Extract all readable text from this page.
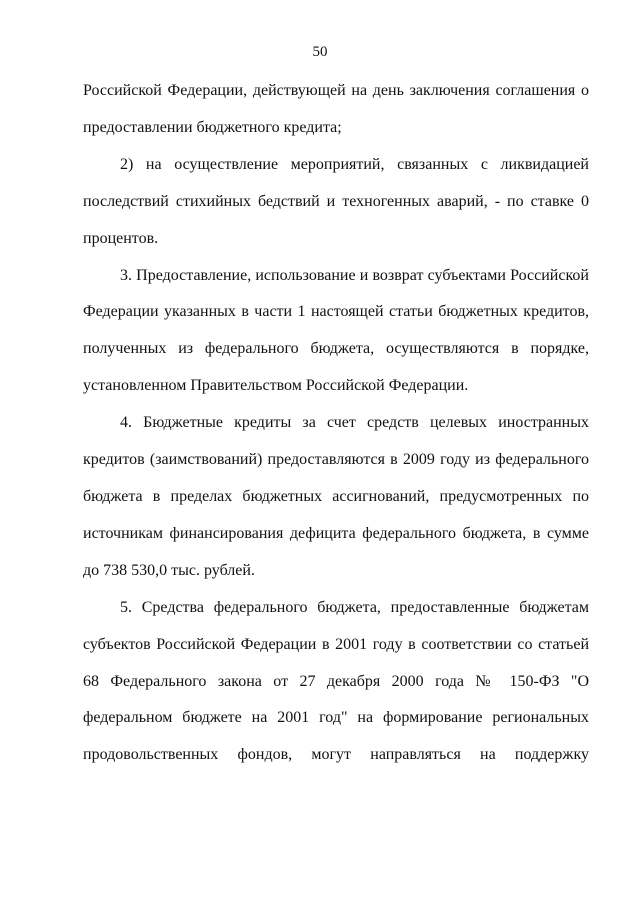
50

Российской Федерации, действующей на день заключения соглашения о предоставлении бюджетного кредита;

2) на осуществление мероприятий, связанных с ликвидацией последствий стихийных бедствий и техногенных аварий, - по ставке 0 процентов.

3. Предоставление, использование и возврат субъектами Российской Федерации указанных в части 1 настоящей статьи бюджетных кредитов, полученных из федерального бюджета, осуществляются в порядке, установленном Правительством Российской Федерации.

4. Бюджетные кредиты за счет средств целевых иностранных кредитов (заимствований) предоставляются в 2009 году из федерального бюджета в пределах бюджетных ассигнований, предусмотренных по источникам финансирования дефицита федерального бюджета, в сумме до 738 530,0 тыс. рублей.

5. Средства федерального бюджета, предоставленные бюджетам субъектов Российской Федерации в 2001 году в соответствии со статьей 68 Федерального закона от 27 декабря 2000 года № 150-ФЗ "О федеральном бюджете на 2001 год" на формирование региональных продовольственных фондов, могут направляться на поддержку
